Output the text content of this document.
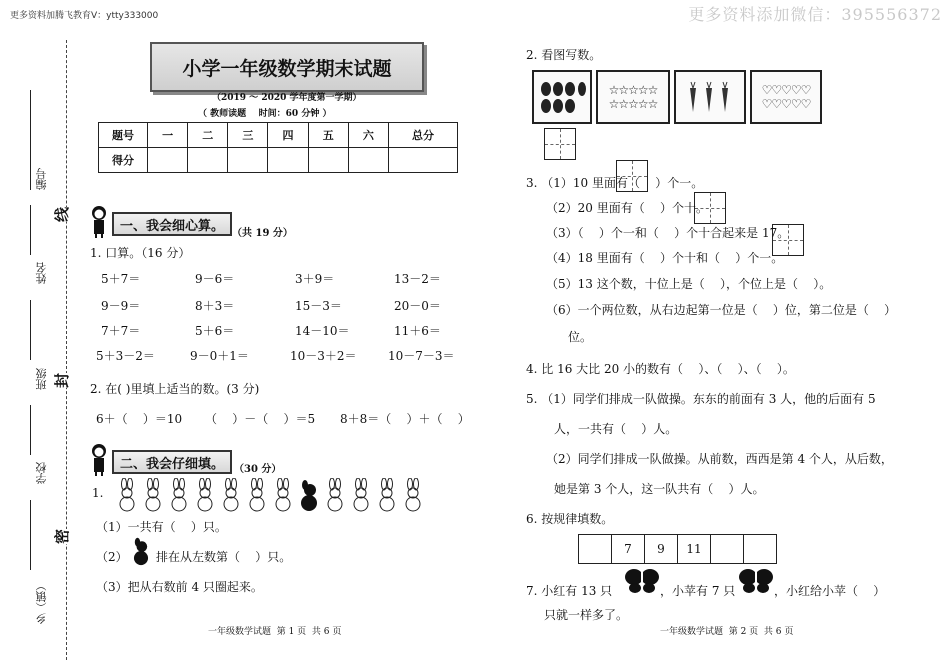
更多资料加腾飞教育V：ytty333000	更多资料添加微信：395556372
编号
姓名
班级
学校
乡（镇）
线
封
密
小学一年级数学期末试题
（2019 ～ 2020 学年度第一学期）
（ 教师读题    时间：60 分钟 ）
题号	一	二	三	四	五	六	总分
得分							
一、我会细心算。 （共 19 分）
1. 口算。（16 分）
5＋7＝	9－6＝	3＋9＝	13－2＝
9－9＝	8＋3＝	15－3＝	20－0＝
7＋7＝	5＋6＝	14－10＝	11＋6＝
5＋3－2＝	9－0＋1＝	10－3＋2＝	10－7－3＝
2. 在( )里填上适当的数。(3 分)
6＋（    ）＝10 （    ）－（    ）＝5 8＋8＝（    ）＋（    ）
二、我会仔细填。 （30 分）
1.
（1）一共有（    ）只。
（2） 排在从左数第（    ）只。
（3）把从右数前 4 只圈起来。
一年级数学试题  第 1 页  共 6 页
2. 看图写数。
☆☆☆☆☆
☆☆☆☆☆
♡♡♡♡♡
♡♡♡♡♡
3. （1）10 里面有（    ）个一。
（2）20 里面有（    ）个十。
（3）（    ）个一和（    ）个十合起来是 17。
（4）18 里面有（    ）个十和（    ）个一。
（5）13 这个数，十位上是（    ），个位上是（    ）。
（6）一个两位数，从右边起第一位是（    ）位，第二位是（    ）
位。
4. 比 16 大比 20 小的数有（    ）、（    ）、（    ）。
5. （1）同学们排成一队做操。东东的前面有 3 人，他的后面有 5
人，一共有（    ）人。
（2）同学们排成一队做操。从前数，西西是第 4 个人，从后数，
她是第 3 个人，这一队共有（    ）人。
6. 按规律填数。
	7	9	11		
7. 小红有 13 只	，小苹有 7 只	，小红给小苹（    ）
只就一样多了。
一年级数学试题  第 2 页  共 6 页
